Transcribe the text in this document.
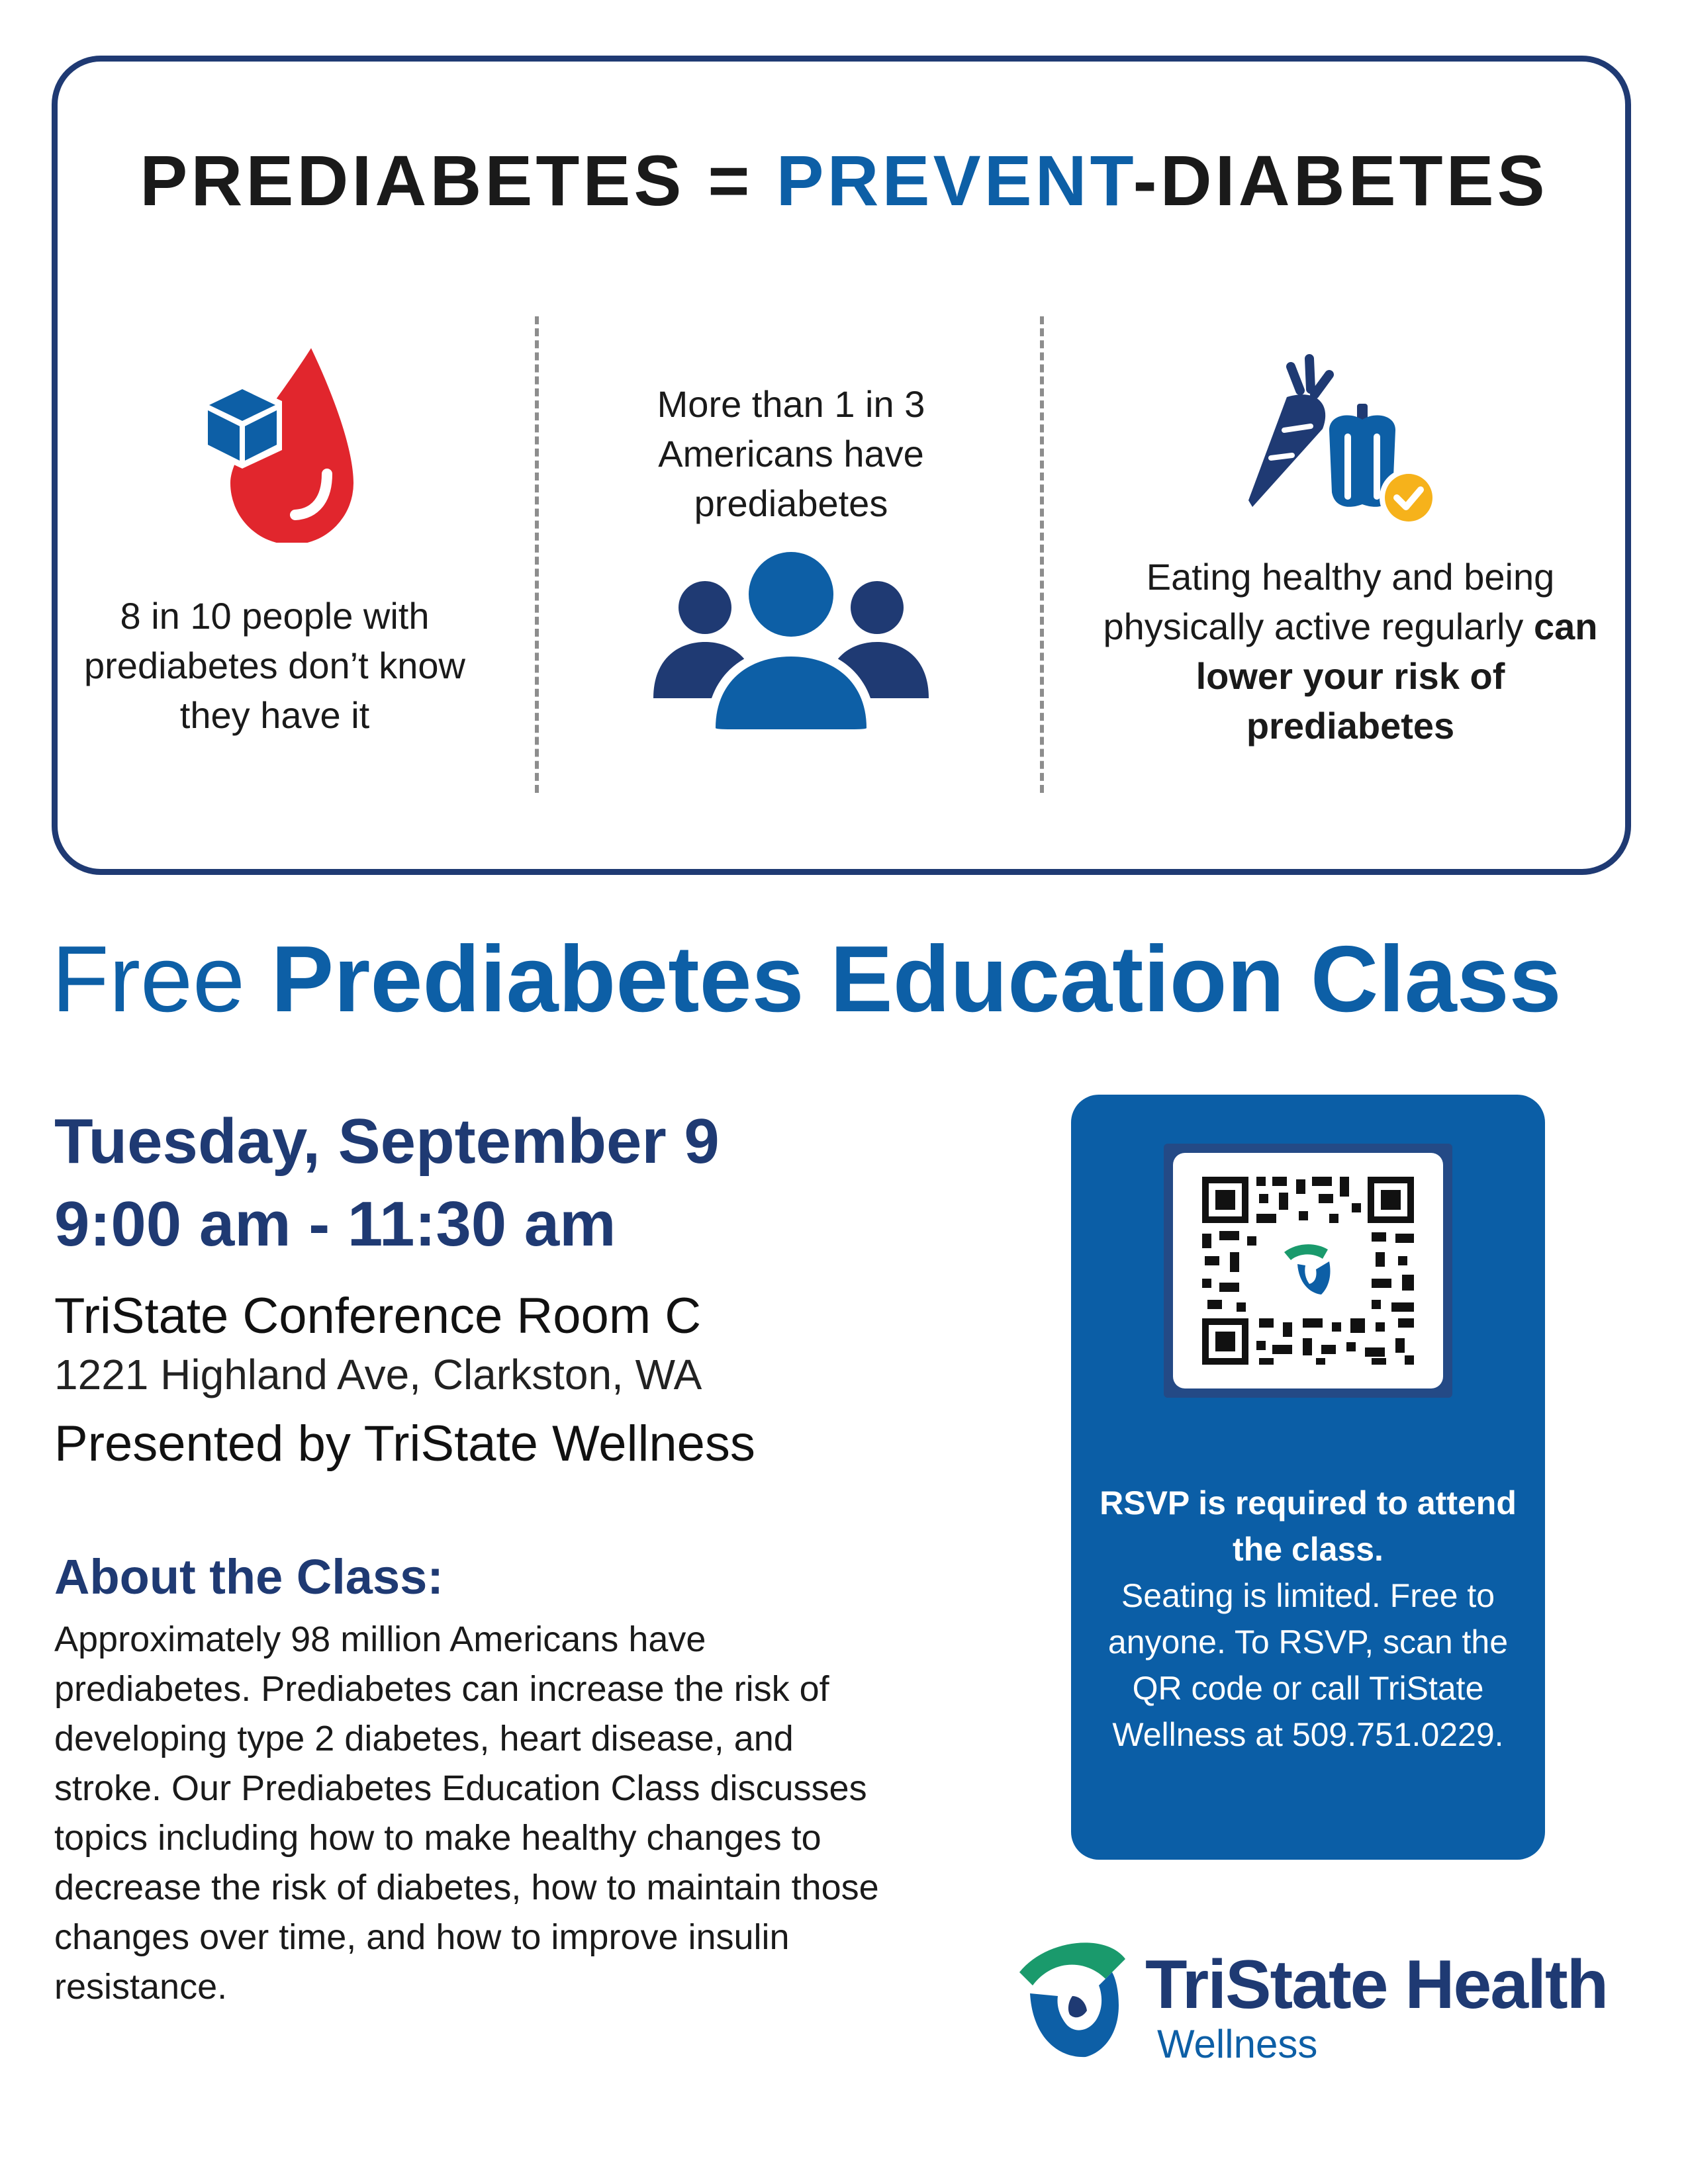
PREDIABETES = PREVENT-DIABETES
8 in 10 people with prediabetes don’t know they have it
More than 1 in 3 Americans have prediabetes
Eating healthy and being physically active regularly can lower your risk of prediabetes
Free Prediabetes Education Class
Tuesday, September 9
9:00 am - 11:30 am
TriState Conference Room C
1221 Highland Ave, Clarkston, WA
Presented by TriState Wellness
About the Class:
Approximately 98 million Americans have prediabetes. Prediabetes can increase the risk of developing type 2 diabetes, heart disease, and stroke. Our Prediabetes Education Class discusses topics including how to make healthy changes to decrease the risk of diabetes, how to maintain those changes over time, and how to improve insulin resistance.
RSVP is required to attend the class.
Seating is limited. Free to anyone. To RSVP, scan the QR code or call TriState Wellness at 509.751.0229.
TriState Health
Wellness
